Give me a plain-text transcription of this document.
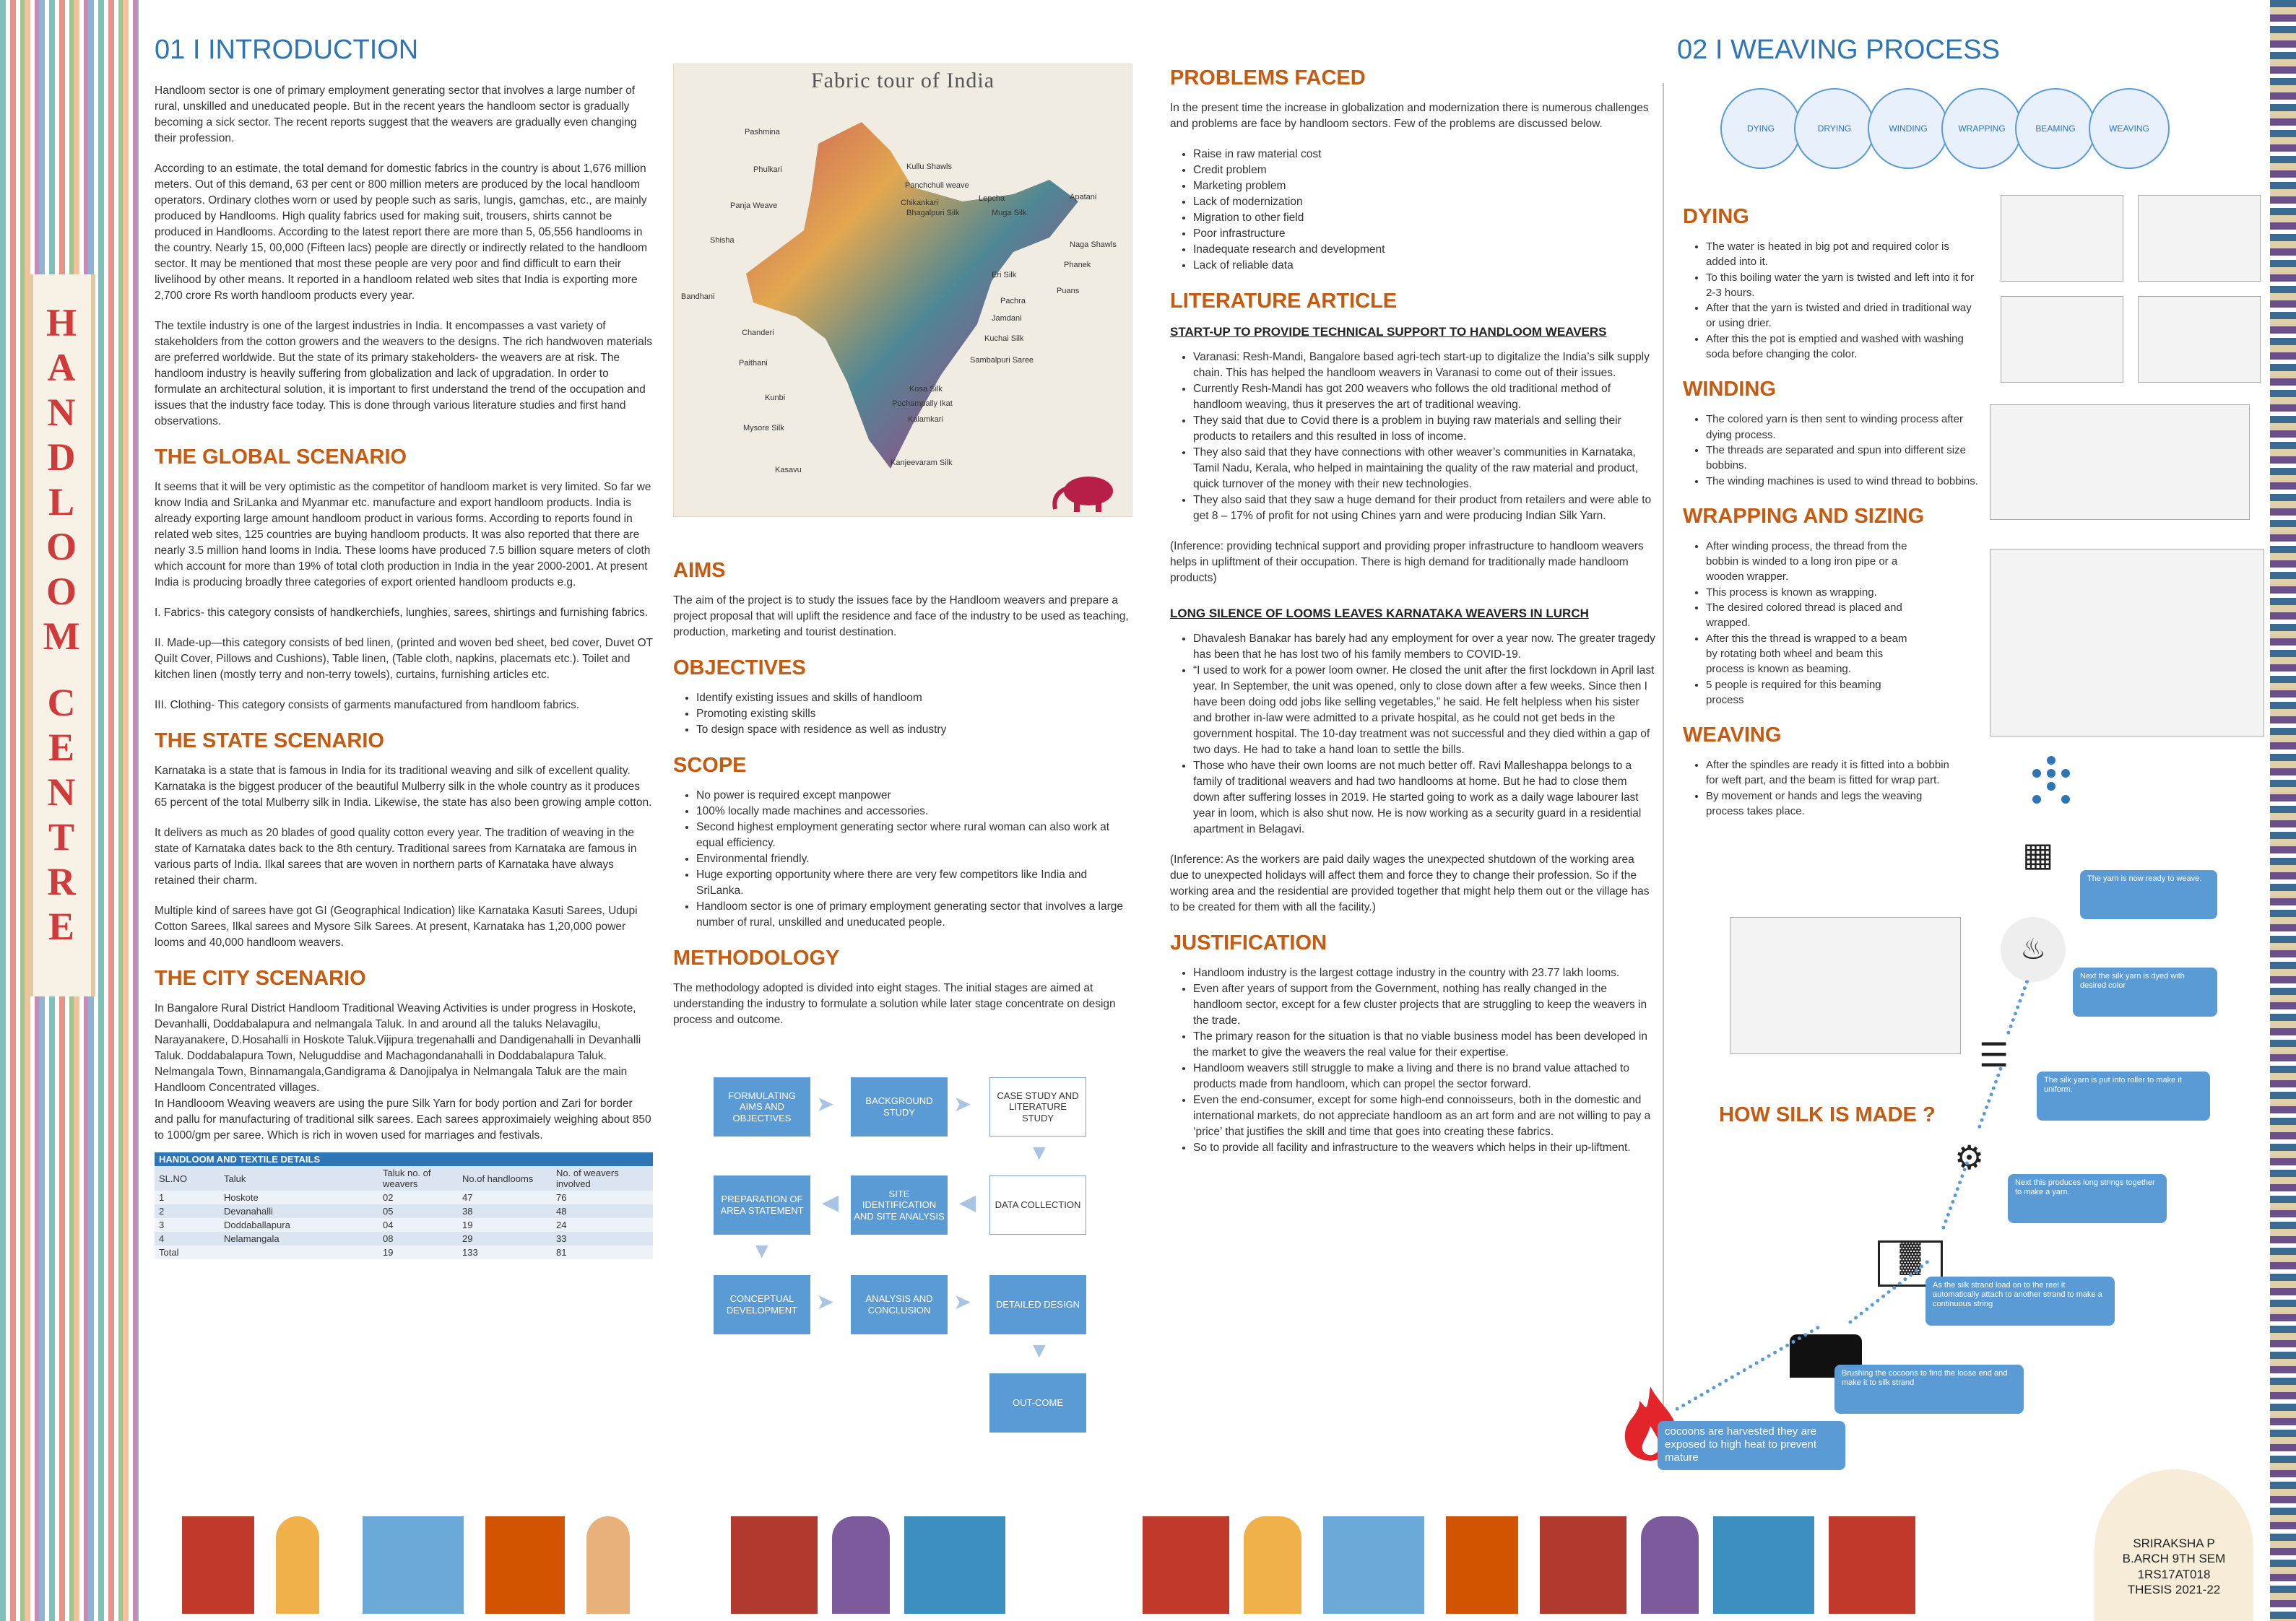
H
A
N
D
L
O
O
M

C
E
N
T
R
E
01 I INTRODUCTION

Handloom sector is one of primary employment generating sector that involves a large number of rural, unskilled and uneducated people. But in the recent years the handloom sector is gradually becoming a sick sector. The recent reports suggest that the weavers are gradually even changing their profession.

According to an estimate, the total demand for domestic fabrics in the country is about 1,676 million meters. Out of this demand, 63 per cent or 800 million meters are produced by the local handloom operators. Ordinary clothes worn or used by people such as saris, lungis, gamchas, etc., are mainly produced by Handlooms. High quality fabrics used for making suit, trousers, shirts cannot be produced in Handlooms. According to the latest report there are more than 5, 05,556 handlooms in the country. Nearly 15, 00,000 (Fifteen lacs) people are directly or indirectly related to the handloom sector. It may be mentioned that most these people are very poor and find difficult to earn their livelihood by other means. It reported in a handloom related web sites that India is exporting more 2,700 crore Rs worth handloom products every year.

The textile industry is one of the largest industries in India. It encompasses a vast variety of stakeholders from the cotton growers and the weavers to the designs. The rich handwoven materials are preferred worldwide. But the state of its primary stakeholders- the weavers are at risk. The handloom industry is heavily suffering from globalization and lack of upgradation. In order to formulate an architectural solution, it is important to first understand the trend of the occupation and issues that the industry face today. This is done through various literature studies and first hand observations.

THE GLOBAL SCENARIO

It seems that it will be very optimistic as the competitor of handloom market is very limited. So far we know India and SriLanka and Myanmar etc. manufacture and export handloom products. India is already exporting large amount handloom product in various forms. According to reports found in related web sites, 125 countries are buying handloom products. It was also reported that there are nearly 3.5 million hand looms in India. These looms have produced 7.5 billion square meters of cloth which account for more than 19% of total cloth production in India in the year 2000-2001. At present India is producing broadly three categories of export oriented handloom products e.g.

I. Fabrics- this category consists of handkerchiefs, lunghies, sarees, shirtings and furnishing fabrics.

II. Made-up—this category consists of bed linen, (printed and woven bed sheet, bed cover, Duvet OT Quilt Cover, Pillows and Cushions), Table linen, (Table cloth, napkins, placemats etc.). Toilet and kitchen linen (mostly terry and non-terry towels), curtains, furnishing articles etc.

III. Clothing- This category consists of garments manufactured from handloom fabrics.

THE STATE SCENARIO

Karnataka is a state that is famous in India for its traditional weaving and silk of excellent quality. Karnataka is the biggest producer of the beautiful Mulberry silk in the whole country as it produces 65 percent of the total Mulberry silk in India. Likewise, the state has also been growing ample cotton.

It delivers as much as 20 blades of good quality cotton every year. The tradition of weaving in the state of Karnataka dates back to the 8th century. Traditional sarees from Karnataka are famous in various parts of India. Ilkal sarees that are woven in northern parts of Karnataka have always retained their charm.

Multiple kind of sarees have got GI (Geographical Indication) like Karnataka Kasuti Sarees, Udupi Cotton Sarees, Ilkal sarees and Mysore Silk Sarees. At present, Karnataka has 1,20,000 power looms and 40,000 handloom weavers.

THE CITY SCENARIO

In Bangalore Rural District Handloom Traditional Weaving Activities is under progress in Hoskote, Devanhalli, Doddabalapura and nelmangala Taluk. In and around all the taluks Nelavagilu, Narayanakere, D.Hosahalli in Hoskote Taluk.Vijipura tregenahalli and Dandigenahalli in Devanhalli Taluk. Doddabalapura Town, Neluguddise and Machagondanahalli in Doddabalapura Taluk. Nelmangala Town, Binnamangala,Gandigrama & Danojipalya in Nelmangala Taluk are the main Handloom Concentrated villages.

In Handlooom Weaving weavers are using the pure Silk Yarn for body portion and Zari for border and pallu for manufacturing of traditional silk sarees. Each sarees approximaiely weighing about 850 to 1000/gm per saree. Which is rich in woven used for marriages and festivals.

HANDLOOM AND TEXTILE DETAILS				
SL.NO	Taluk	Taluk no. of weavers	No.of handlooms	No. of weavers involved
1	Hoskote	02	47	76
2	Devanahalli	05	38	48
3	Doddaballapura	04	19	24
4	Nelamangala	08	29	33
Total		19	133	81
Fabric tour of India
Pashmina
Phulkari	Kullu Shawls
Panchchuli weave
Apatani
Panja Weave	Chikankari	Lepcha
Bhagalpuri Silk	Muga Silk
Naga Shawls
Shisha
Phanek
Eri Silk
Bandhani
Puans
Pachra
Jamdani
Chanderi
Kuchai Silk
Paithani	Sambalpuri Saree
Kosa Silk
Kunbi
Pochampally Ikat
Mysore Silk
Kalamkari
Kasavu
Kanjeevaram Silk
AIMS

The aim of the project is to study the issues face by the Handloom weavers and prepare a project proposal that will uplift the residence and face of the industry to be used as teaching, production, marketing and tourist destination.

OBJECTIVES
• Identify existing issues and skills of handloom
• Promoting existing skills
• To design space with residence as well as industry
SCOPE
• No power is required except manpower
• 100% locally made machines and accessories.
• Second highest employment generating sector where rural woman can also work at equal efficiency.
• Environmental friendly.
• Huge exporting opportunity where there are very few competitors like India and SriLanka.
• Handloom sector is one of primary employment generating sector that involves a large number of rural, unskilled and uneducated people.
METHODOLOGY

The methodology adopted is divided into eight stages. The initial stages are aimed at understanding the industry to formulate a solution while later stage concentrate on design process and outcome.

FORMULATING AIMS AND OBJECTIVES
➤	BACKGROUND STUDY	➤	CASE STUDY AND LITERATURE STUDY
▼
PREPARATION OF AREA STATEMENT ◀	SITE IDENTIFICATION AND SITE ANALYSIS
◀	DATA COLLECTION
▼
CONCEPTUAL DEVELOPMENT ➤	ANALYSIS AND CONCLUSION	➤	DETAILED DESIGN
▼
OUT-COME
PROBLEMS FACED

In the present time the increase in globalization and modernization there is numerous challenges and problems are face by handloom sectors. Few of the problems are discussed below.

• Raise in raw material cost
• Credit problem
• Marketing problem
• Lack of modernization
• Migration to other field
• Poor infrastructure
• Inadequate research and development
• Lack of reliable data
LITERATURE ARTICLE
START-UP TO PROVIDE TECHNICAL SUPPORT TO HANDLOOM WEAVERS
• Varanasi: Resh-Mandi, Bangalore based agri-tech start-up to digitalize the India’s silk supply chain. This has helped the handloom weavers in Varanasi to come out of their issues.
• Currently Resh-Mandi has got 200 weavers who follows the old traditional method of handloom weaving, thus it preserves the art of traditional weaving.
• They said that due to Covid there is a problem in buying raw materials and selling their products to retailers and this resulted in loss of income.
• They also said that they have connections with other weaver’s communities in Karnataka, Tamil Nadu, Kerala, who helped in maintaining the quality of the raw material and product, quick turnover of the money with their new technologies.
• They also said that they saw a huge demand for their product from retailers and were able to get 8 – 17% of profit for not using Chines yarn and were producing Indian Silk Yarn.

(Inference: providing technical support and providing proper infrastructure to handloom weavers helps in upliftment of their occupation. There is high demand for traditionally made handloom products)

LONG SILENCE OF LOOMS LEAVES KARNATAKA WEAVERS IN LURCH
• Dhavalesh Banakar has barely had any employment for over a year now. The greater tragedy has been that he has lost two of his family members to COVID-19.
• “I used to work for a power loom owner. He closed the unit after the first lockdown in April last year. In September, the unit was opened, only to close down after a few weeks. Since then I have been doing odd jobs like selling vegetables,” he said. He felt helpless when his sister and brother in-law were admitted to a private hospital, as he could not get beds in the government hospital. The 10-day treatment was not successful and they died within a gap of two days. He had to take a hand loan to settle the bills.
• Those who have their own looms are not much better off. Ravi Malleshappa belongs to a family of traditional weavers and had two handlooms at home. But he had to close them down after suffering losses in 2019. He started going to work as a daily wage labourer last year in loom, which is also shut now. He is now working as a security guard in a residential apartment in Belagavi.

(Inference: As the workers are paid daily wages the unexpected shutdown of the working area due to unexpected holidays will affect them and force they to change their profession. So if the working area and the residential are provided together that might help them out or the village has to be created for them with all the facility.)

JUSTIFICATION
• Handloom industry is the largest cottage industry in the country with 23.77 lakh looms.
• Even after years of support from the Government, nothing has really changed in the handloom sector, except for a few cluster projects that are struggling to keep the weavers in the trade.
• The primary reason for the situation is that no viable business model has been developed in the market to give the weavers the real value for their expertise.
• Handloom weavers still struggle to make a living and there is no brand value attached to products made from handloom, which can propel the sector forward.
• Even the end-consumer, except for some high-end connoisseurs, both in the domestic and international markets, do not appreciate handloom as an art form and are not willing to pay a ‘price’ that justifies the skill and time that goes into creating these fabrics.
• So to provide all facility and infrastructure to the weavers which helps in their up-liftment.
02 I WEAVING PROCESS
DYING	DRYING	WINDING	WRAPPING	BEAMING	WEAVING
DYING
• The water is heated in big pot and required color is added into it.
• To this boiling water the yarn is twisted and left into it for 2-3 hours.
• After that the yarn is twisted and dried in traditional way or using drier.
• After this the pot is emptied and washed with washing soda before changing the color.
WINDING
• The colored yarn is then sent to winding process after dying process.
• The threads are separated and spun into different size bobbins.
• The winding machines is used to wind thread to bobbins.
WRAPPING AND SIZING
• After winding process, the thread from the bobbin is winded to a long iron pipe or a wooden wrapper.
• This process is known as wrapping.
• The desired colored thread is placed and wrapped.
• After this the thread is wrapped to a beam by rotating both wheel and beam this process is known as beaming.
• 5 people is required for this beaming process
WEAVING
• After the spindles are ready it is fitted into a bobbin for weft part, and the beam is fitted for wrap part.
• By movement or hands and legs the weaving process takes place.
HOW SILK IS MADE ?
▦
The yarn is now ready to weave.
♨
Next the silk yarn is dyed with desired color
☰
The silk yarn is put into roller to make it uniform.
⚙
Next this produces long strings together to make a yarn.
▓
As the silk strand load on to the reel it automatically attach to another strand to make a continuous string
Brushing the cocoons to find the loose end and make it to silk strand
cocoons are harvested they are exposed to high heat to prevent mature
SRIRAKSHA P
B.ARCH 9TH SEM
1RS17AT018
THESIS 2021-22
